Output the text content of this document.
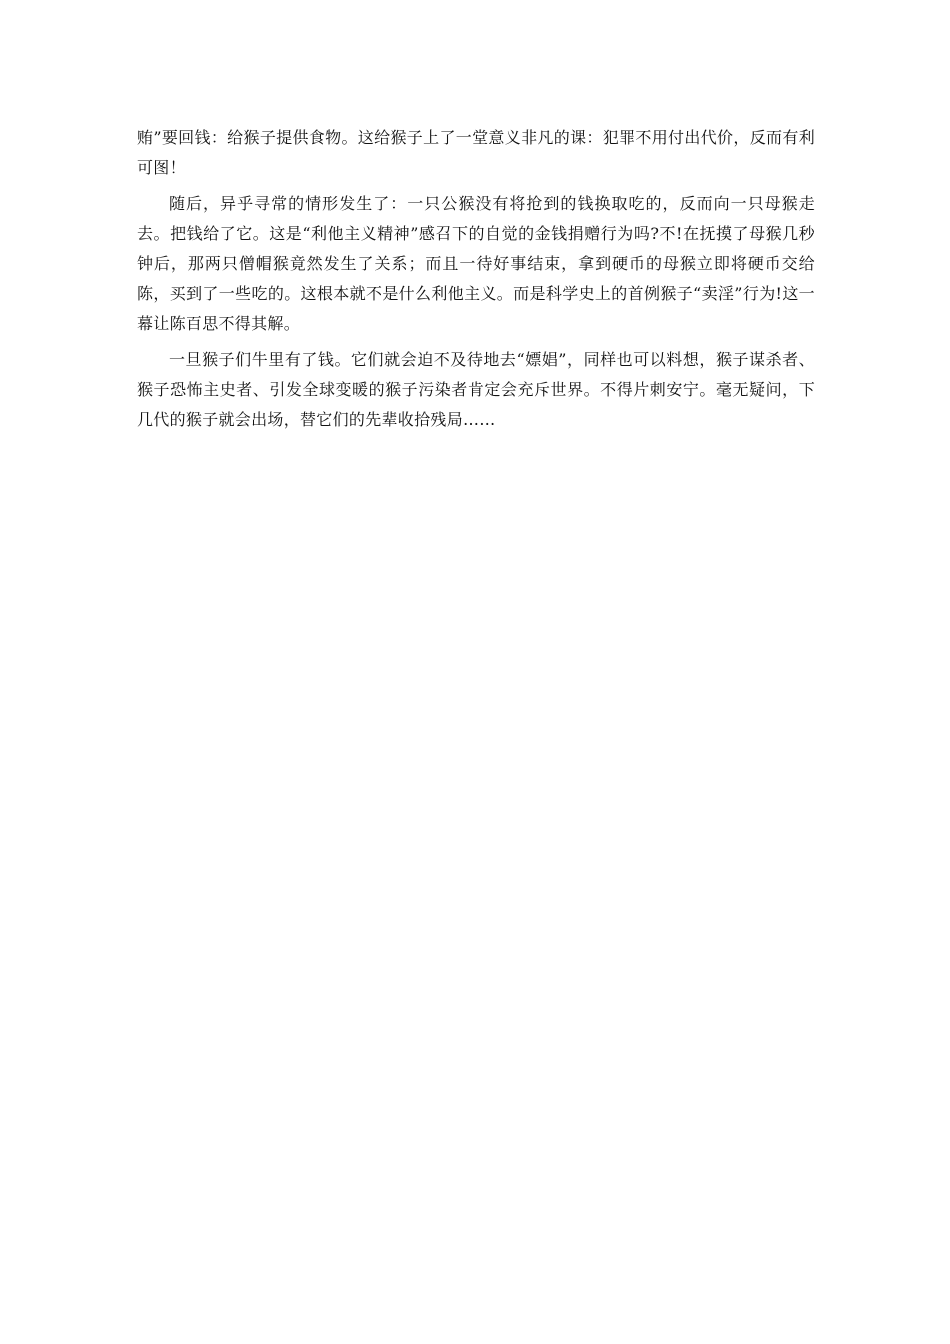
贿”要回钱：给猴子提供食物。这给猴子上了一堂意义非凡的课：犯罪不用付出代价，反而有利可图！

随后，异乎寻常的情形发生了：一只公猴没有将抢到的钱换取吃的，反而向一只母猴走去。把钱给了它。这是“利他主义精神”感召下的自觉的金钱捐赠行为吗?不!在抚摸了母猴几秒钟后，那两只僧帽猴竟然发生了关系；而且一待好事结束，拿到硬币的母猴立即将硬币交给陈，买到了一些吃的。这根本就不是什么利他主义。而是科学史上的首例猴子“卖淫”行为!这一幕让陈百思不得其解。

一旦猴子们牛里有了钱。它们就会迫不及待地去“嫖娼”，同样也可以料想，猴子谋杀者、猴子恐怖主史者、引发全球变暖的猴子污染者肯定会充斥世界。不得片刺安宁。毫无疑问，下几代的猴子就会出场，替它们的先辈收拾残局……
